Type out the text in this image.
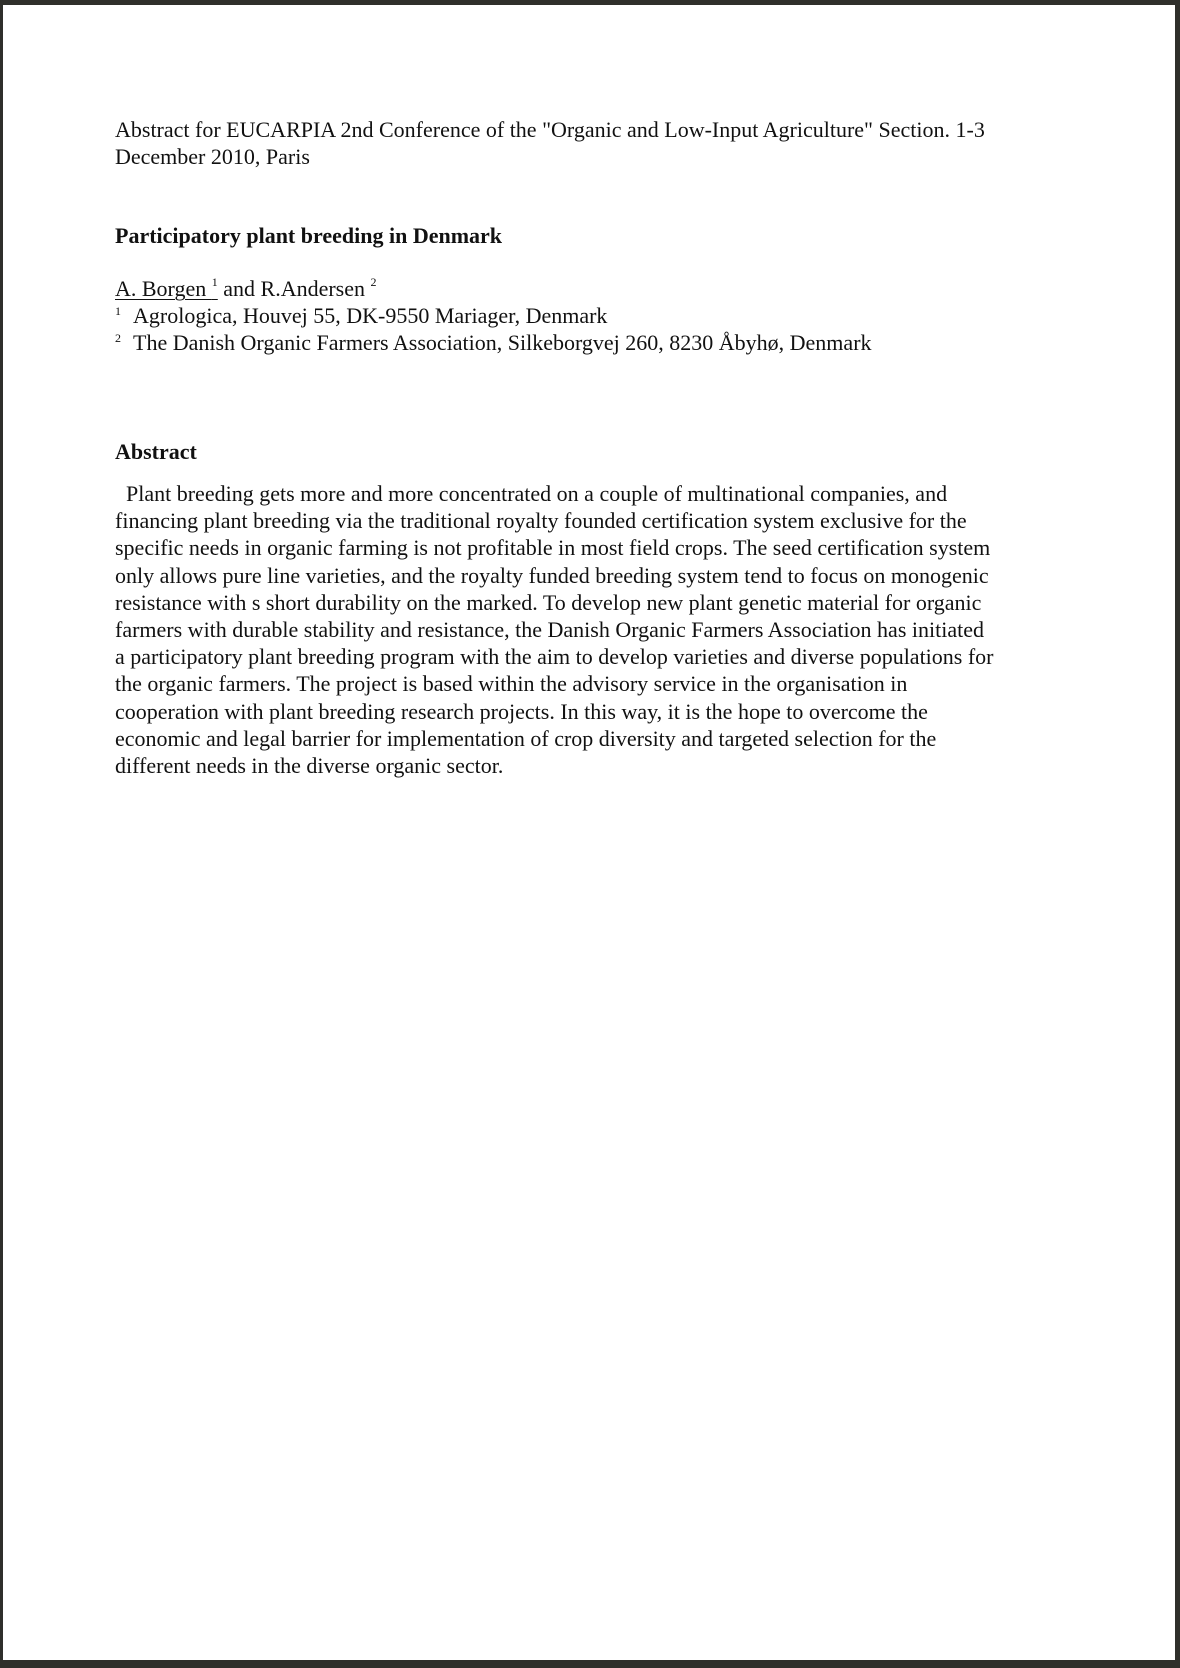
Abstract for EUCARPIA 2nd Conference of the "Organic and Low-Input Agriculture" Section. 1-3

December 2010, Paris

Participatory plant breeding in Denmark
A. Borgen $^1$ and R.Andersen $^2$
1 Agrologica, Houvej 55, DK-9550 Mariager, Denmark
2 The Danish Organic Farmers Association, Silkeborgvej 260, 8230 Åbyhø, Denmark
Abstract
Plant breeding gets more and more concentrated on a couple of multinational companies, and
financing plant breeding via the traditional royalty founded certification system exclusive for the
specific needs in organic farming is not profitable in most field crops. The seed certification system
only allows pure line varieties, and the royalty funded breeding system tend to focus on monogenic
resistance with s short durability on the marked. To develop new plant genetic material for organic
farmers with durable stability and resistance, the Danish Organic Farmers Association has initiated
a participatory plant breeding program with the aim to develop varieties and diverse populations for
the organic farmers. The project is based within the advisory service in the organisation in
cooperation with plant breeding research projects. In this way, it is the hope to overcome the
economic and legal barrier for implementation of crop diversity and targeted selection for the
different needs in the diverse organic sector.
